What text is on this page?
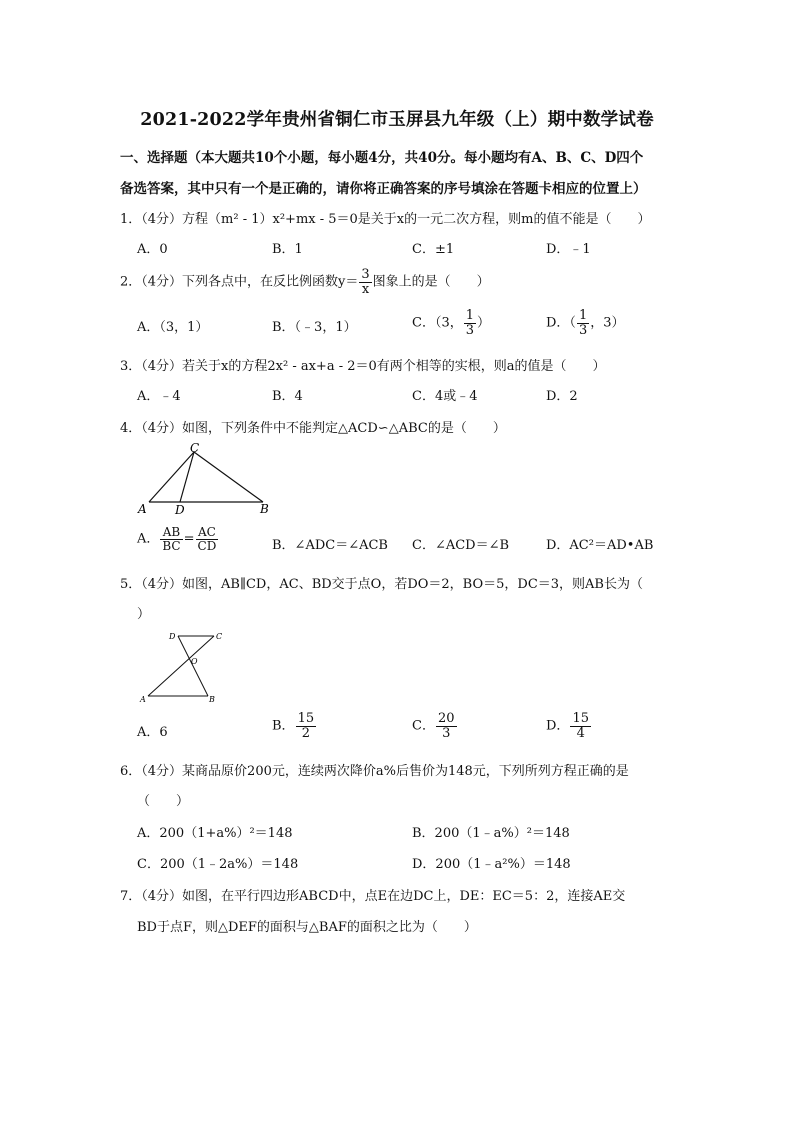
2021-2022学年贵州省铜仁市玉屏县九年级（上）期中数学试卷
一、选择题（本大题共10个小题，每小题4分，共40分。每小题均有A、B、C、D四个
备选答案，其中只有一个是正确的，请你将正确答案的序号填涂在答题卡相应的位置上）
1．（4分）方程（m² - 1）x²+mx - 5＝0是关于x的一元二次方程，则m的值不能是（　　）
A．0	B．1	C．±1	D．﹣1
2．（4分）下列各点中，在反比例函数$y= \frac{3}{x}$ 图象上的是（　　）
A．（3，1）	B．（﹣3，1）	C．（3， $\frac{1}{3}$ ）	D．（ $\frac{1}{3}$ ，3）
3．（4分）若关于x的方程2x² - ax+a - 2＝0有两个相等的实根，则a的值是（　　）
A．﹣4	B．4	C．4或﹣4	D．2
4．（4分）如图，下列条件中不能判定△ACD∽△ABC的是（　　）
C
A D	B
A． $\frac{AB}{BC} = \frac{AC}{CD}$	B．∠ADC＝∠ACB C．∠ACD＝∠B	D．AC²＝AD•AB
5．（4分）如图，AB∥CD，AC、BD交于点O，若DO＝2，BO＝5，DC＝3，则AB长为（
）
D	C
O
A	B
A．6	B． $\frac{15}{2}$	C． $\frac{20}{3}$	D． $\frac{15}{4}$
6．（4分）某商品原价200元，连续两次降价a%后售价为148元，下列所列方程正确的是
（　　）
A．200（1+a%）²＝148	B．200（1﹣a%）²＝148
C．200（1﹣2a%）＝148	D．200（1﹣a²%）＝148
7．（4分）如图，在平行四边形ABCD中，点E在边DC上，DE：EC＝5：2，连接AE交
BD于点F，则△DEF的面积与△BAF的面积之比为（　　）
